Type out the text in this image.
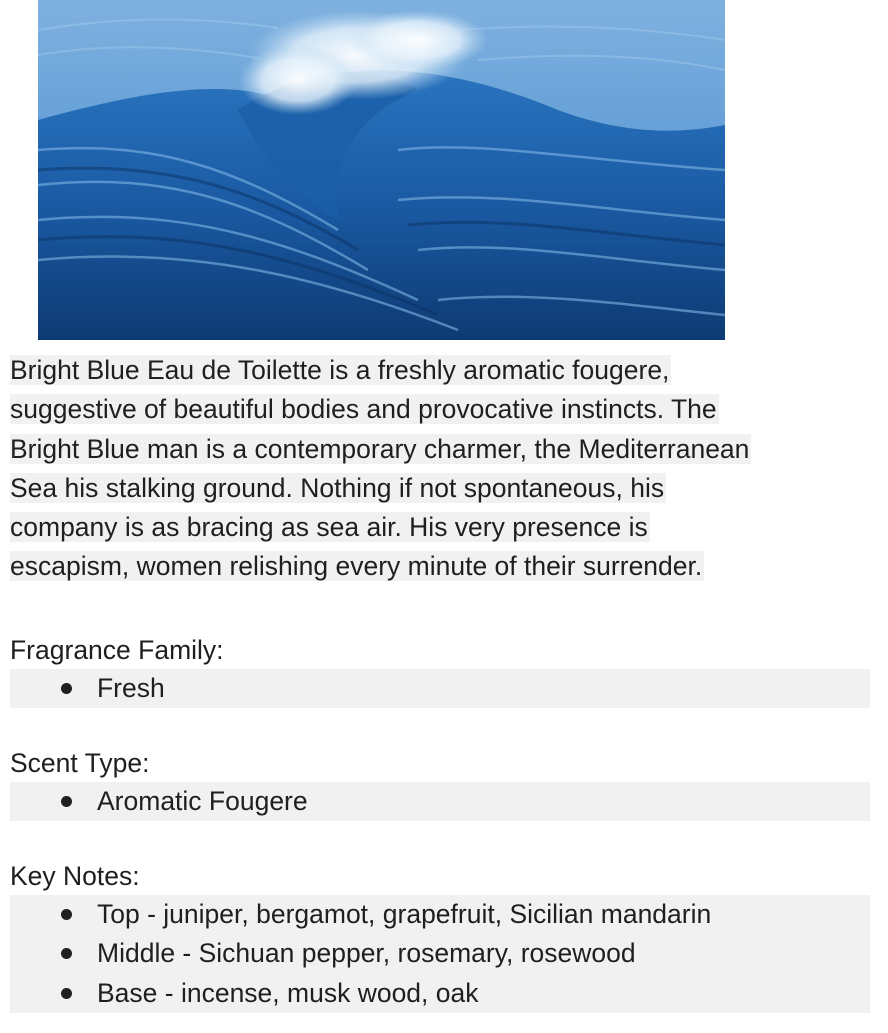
Bright Blue Eau de Toilette is a freshly aromatic fougere,
suggestive of beautiful bodies and provocative instincts. The
Bright Blue man is a contemporary charmer, the Mediterranean
Sea his stalking ground. Nothing if not spontaneous, his
company is as bracing as sea air. His very presence is
escapism, women relishing every minute of their surrender.
Fragrance Family:
Fresh
Scent Type:
Aromatic Fougere
Key Notes:
Top - juniper, bergamot, grapefruit, Sicilian mandarin
Middle - Sichuan pepper, rosemary, rosewood
Base - incense, musk wood, oak
